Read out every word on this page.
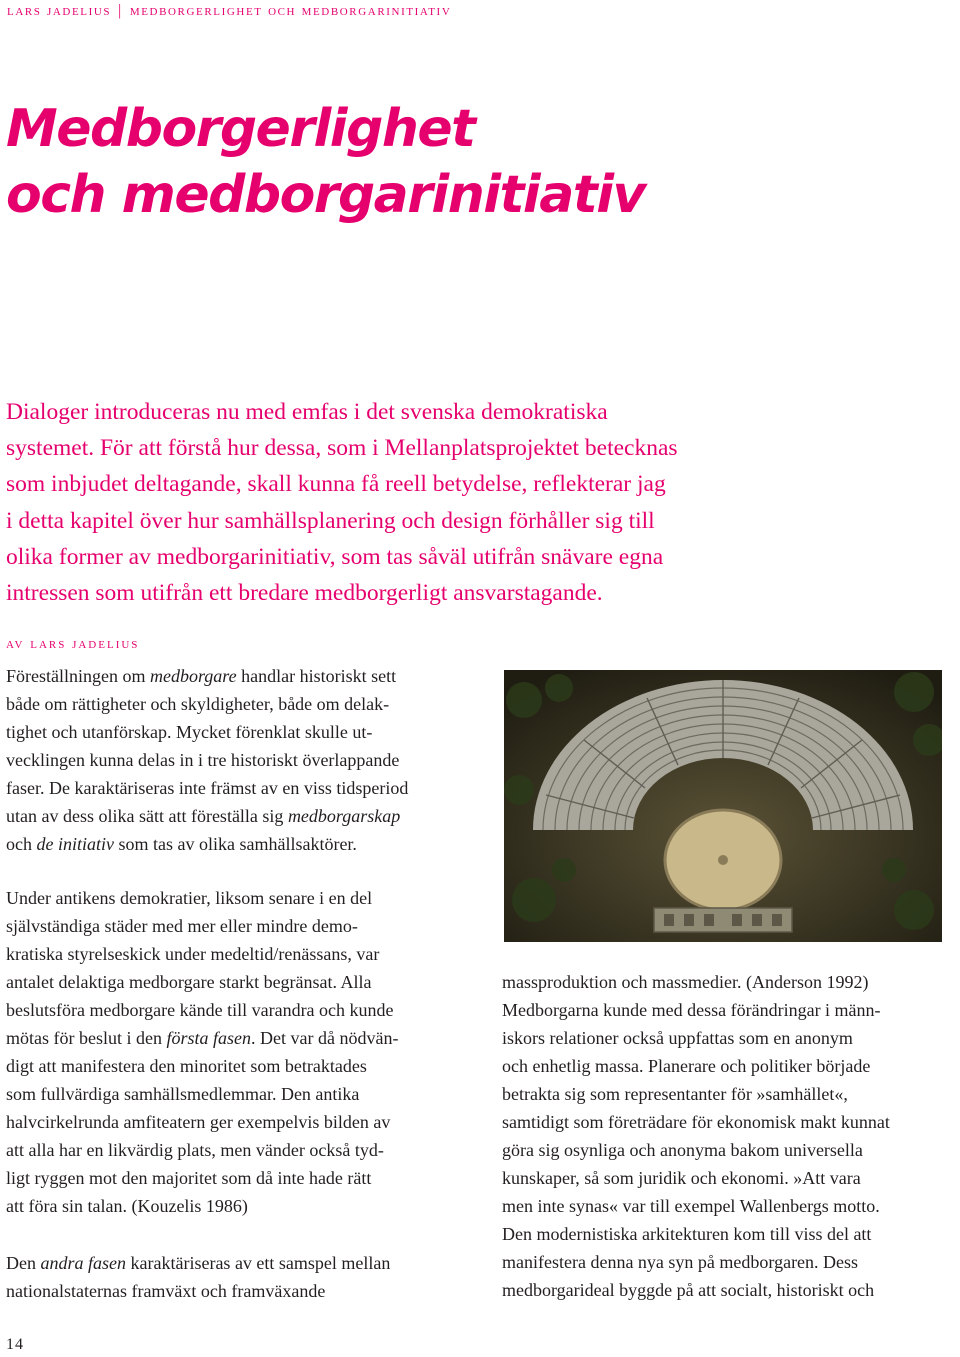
lars jadelius | medborgerlighet och medborgarinitiativ
Medborgerlighet
och medborgarinitiativ
Dialoger introduceras nu med emfas i det svenska demokratiska
systemet. För att förstå hur dessa, som i Mellanplatsprojektet betecknas
som inbjudet deltagande, skall kunna få reell betydelse, reflekterar jag
i detta kapitel över hur samhällsplanering och design förhåller sig till
olika former av medborgarinitiativ, som tas såväl utifrån snävare egna
intressen som utifrån ett bredare medborgerligt ansvarstagande.
av lars jadelius
Föreställningen om medborgare handlar historiskt sett
både om rättigheter och skyldigheter, både om delak-
tighet och utanförskap. Mycket förenklat skulle ut-
vecklingen kunna delas in i tre historiskt överlappande
faser. De karaktäriseras inte främst av en viss tidsperiod
utan av dess olika sätt att föreställa sig medborgarskap
och de initiativ som tas av olika samhällsaktörer.
Under antikens demokratier, liksom senare i en del
självständiga städer med mer eller mindre demo-
kratiska styrelseskick under medeltid/renässans, var
antalet delaktiga medborgare starkt begränsat. Alla
beslutsföra medborgare kände till varandra och kunde
mötas för beslut i den första fasen. Det var då nödvän-
digt att manifestera den minoritet som betraktades
som fullvärdiga samhällsmedlemmar. Den antika
halvcirkelrunda amfiteatern ger exempelvis bilden av
att alla har en likvärdig plats, men vänder också tyd-
ligt ryggen mot den majoritet som då inte hade rätt
att föra sin talan. (Kouzelis 1986)
Den andra fasen karaktäriseras av ett samspel mellan
nationalstaternas framväxt och framväxande
massproduktion och massmedier. (Anderson 1992)
Medborgarna kunde med dessa förändringar i männ-
iskors relationer också uppfattas som en anonym
och enhetlig massa. Planerare och politiker började
betrakta sig som representanter för »samhället«,
samtidigt som företrädare för ekonomisk makt kunnat
göra sig osynliga och anonyma bakom universella
kunskaper, så som juridik och ekonomi. »Att vara
men inte synas« var till exempel Wallenbergs motto.
Den modernistiska arkitekturen kom till viss del att
manifestera denna nya syn på medborgaren. Dess
medborgarideal byggde på att socialt, historiskt och
14
